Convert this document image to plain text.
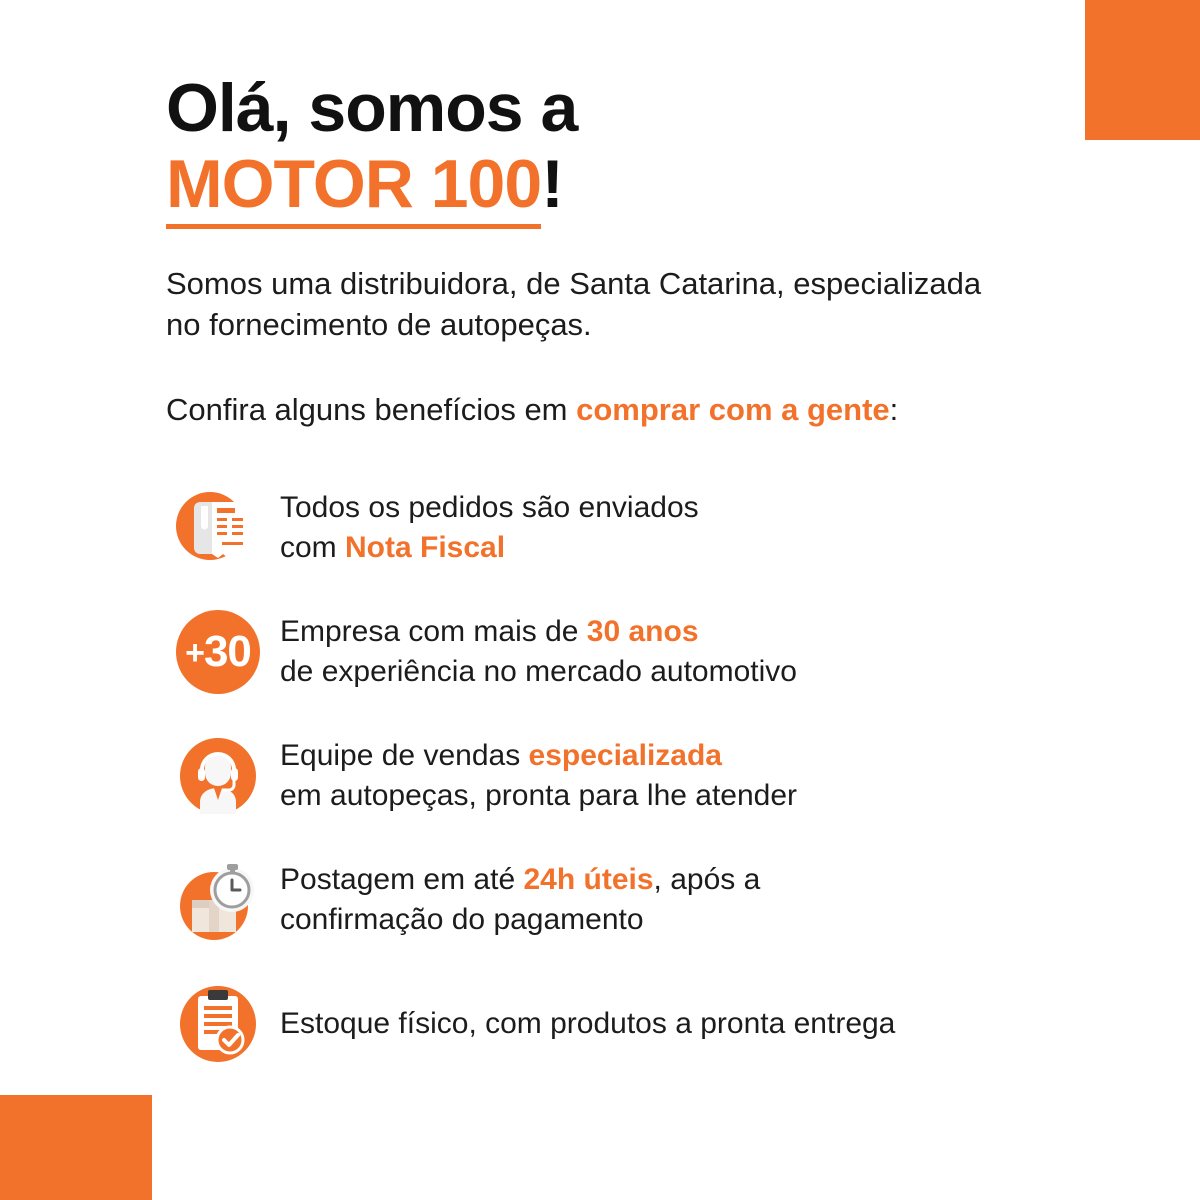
Olá, somos a
MOTOR 100!

Somos uma distribuidora, de Santa Catarina, especializada no fornecimento de autopeças.

Confira alguns benefícios em comprar com a gente:

Todos os pedidos são enviados
com Nota Fiscal
+30 Empresa com mais de 30 anos
de experiência no mercado automotivo
Equipe de vendas especializada
em autopeças, pronta para lhe atender
Postagem em até 24h úteis, após a
confirmação do pagamento
Estoque físico, com produtos a pronta entrega
